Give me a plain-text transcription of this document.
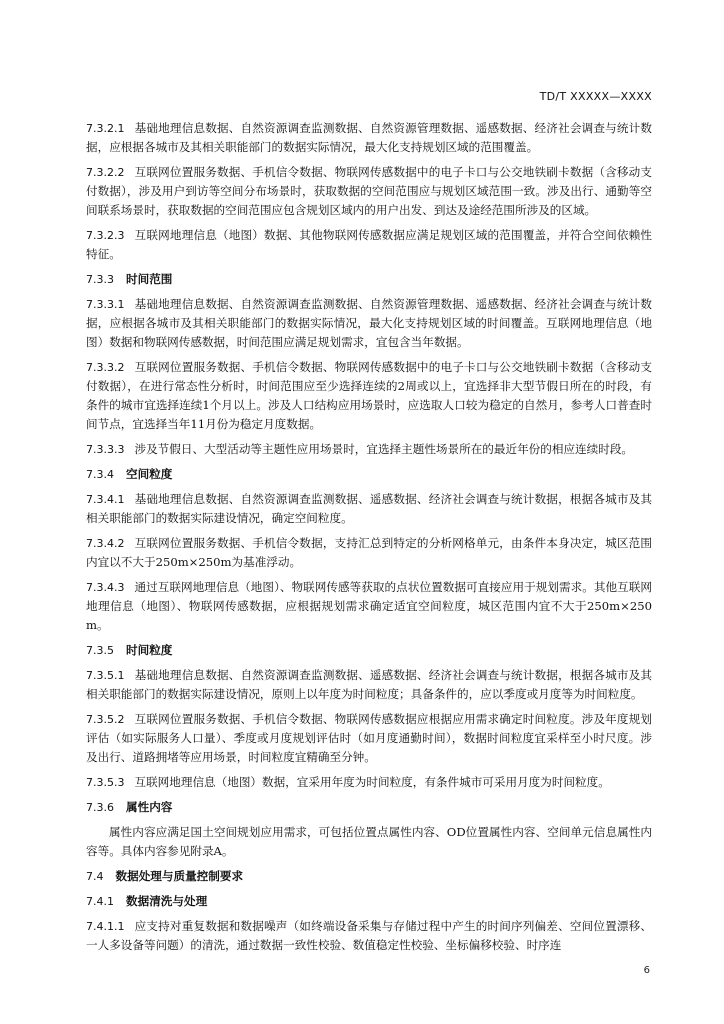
TD/T XXXXX—XXXX
7.3.2.1 基础地理信息数据、自然资源调查监测数据、自然资源管理数据、遥感数据、经济社会调查与统计数据，应根据各城市及其相关职能部门的数据实际情况，最大化支持规划区域的范围覆盖。
7.3.2.2 互联网位置服务数据、手机信令数据、物联网传感数据中的电子卡口与公交地铁刷卡数据（含移动支付数据），涉及用户到访等空间分布场景时，获取数据的空间范围应与规划区域范围一致。涉及出行、通勤等空间联系场景时，获取数据的空间范围应包含规划区域内的用户出发、到达及途经范围所涉及的区域。
7.3.2.3 互联网地理信息（地图）数据、其他物联网传感数据应满足规划区域的范围覆盖，并符合空间依赖性特征。
7.3.3 时间范围
7.3.3.1 基础地理信息数据、自然资源调查监测数据、自然资源管理数据、遥感数据、经济社会调查与统计数据，应根据各城市及其相关职能部门的数据实际情况，最大化支持规划区域的时间覆盖。互联网地理信息（地图）数据和物联网传感数据，时间范围应满足规划需求，宜包含当年数据。
7.3.3.2 互联网位置服务数据、手机信令数据、物联网传感数据中的电子卡口与公交地铁刷卡数据（含移动支付数据），在进行常态性分析时，时间范围应至少选择连续的2周或以上，宜选择非大型节假日所在的时段，有条件的城市宜选择连续1个月以上。涉及人口结构应用场景时，应选取人口较为稳定的自然月，参考人口普查时间节点，宜选择当年11月份为稳定月度数据。
7.3.3.3 涉及节假日、大型活动等主题性应用场景时，宜选择主题性场景所在的最近年份的相应连续时段。
7.3.4 空间粒度
7.3.4.1 基础地理信息数据、自然资源调查监测数据、遥感数据、经济社会调查与统计数据，根据各城市及其相关职能部门的数据实际建设情况，确定空间粒度。
7.3.4.2 互联网位置服务数据、手机信令数据，支持汇总到特定的分析网格单元，由条件本身决定，城区范围内宜以不大于250m×250m为基准浮动。
7.3.4.3 通过互联网地理信息（地图）、物联网传感等获取的点状位置数据可直接应用于规划需求。其他互联网地理信息（地图）、物联网传感数据，应根据规划需求确定适宜空间粒度，城区范围内宜不大于250m×250m。
7.3.5 时间粒度
7.3.5.1 基础地理信息数据、自然资源调查监测数据、遥感数据、经济社会调查与统计数据，根据各城市及其相关职能部门的数据实际建设情况，原则上以年度为时间粒度；具备条件的，应以季度或月度等为时间粒度。
7.3.5.2 互联网位置服务数据、手机信令数据、物联网传感数据应根据应用需求确定时间粒度。涉及年度规划评估（如实际服务人口量）、季度或月度规划评估时（如月度通勤时间），数据时间粒度宜采样至小时尺度。涉及出行、道路拥堵等应用场景，时间粒度宜精确至分钟。
7.3.5.3 互联网地理信息（地图）数据，宜采用年度为时间粒度，有条件城市可采用月度为时间粒度。
7.3.6 属性内容
属性内容应满足国土空间规划应用需求，可包括位置点属性内容、OD位置属性内容、空间单元信息属性内容等。具体内容参见附录A。
7.4 数据处理与质量控制要求
7.4.1 数据清洗与处理
7.4.1.1 应支持对重复数据和数据噪声（如终端设备采集与存储过程中产生的时间序列偏差、空间位置漂移、一人多设备等问题）的清洗，通过数据一致性校验、数值稳定性校验、坐标偏移校验、时序连
6
